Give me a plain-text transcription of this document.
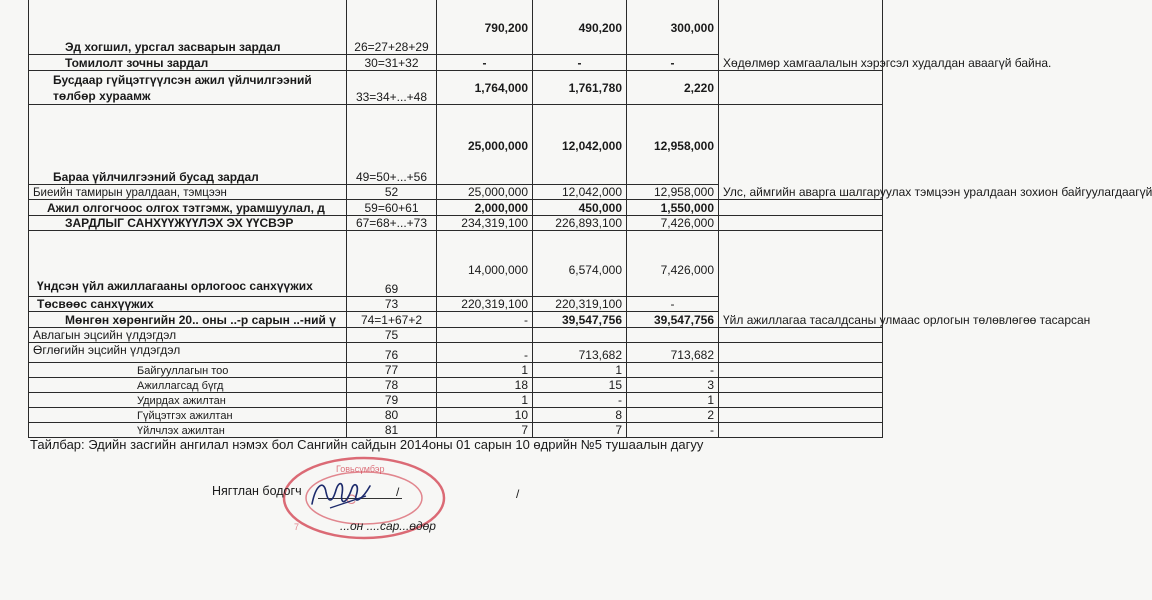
Эд хогшил, урсгал засварын зардал	26=27+28+29	790,200	490,200	300,000	Хөдөлмөр хамгаалалын хэрэгсэл худалдан аваагүй байна.
Томилолт зочны зардал	30=31+32	-	-	-	
Бусдаар гүйцэтгүүлсэн ажил үйлчилгээний төлбөр хураамж	33=34+...+48	1,764,000	1,761,780	2,220	
Бараа үйлчилгээний бусад зардал	49=50+...+56	25,000,000	12,042,000	12,958,000	Улс, аймгийн аварга шалгаруулах тэмцээн уралдаан зохион байгуулагдаагүй
Биеийн тамирын уралдаан, тэмцээн	52	25,000,000	12,042,000	12,958,000	
Ажил олгогчоос олгох тэтгэмж, урамшуулал, д	59=60+61	2,000,000	450,000	1,550,000	
ЗАРДЛЫГ САНХҮҮЖҮҮЛЭХ ЭХ ҮҮСВЭР	67=68+...+73	234,319,100	226,893,100	7,426,000	
Үндсэн үйл ажиллагааны орлогоос санхүүжих	69	14,000,000	6,574,000	7,426,000	Үйл ажиллагаа тасалдсаны улмаас орлогын төлөвлөгөө тасарсан
Төсвөөс санхүүжих	73	220,319,100	220,319,100	-	
Мөнгөн хөрөнгийн 20.. оны ..-р сарын ..-ний ү	74=1+67+2	-	39,547,756	39,547,756	
Авлагын эцсийн үлдэгдэл	75				
Өглөгийн эцсийн үлдэгдэл	76	-	713,682	713,682	
Байгууллагын тоо	77	1	1	-	
Ажиллагсад бүгд	78	18	15	3	
Удирдах ажилтан	79	1	-	1	
Гүйцэтгэх ажилтан	80	10	8	2	
Үйлчлэх ажилтан	81	7	7	-	
Тайлбар: Эдийн засгийн ангилал нэмэх бол Сангийн сайдын 2014оны 01 сарын 10 өдрийн №5 тушаалын дагуу
Говьсүмбэр
С
7
Нягтлан бодогч	/	/
...он ....сар...өдөр
